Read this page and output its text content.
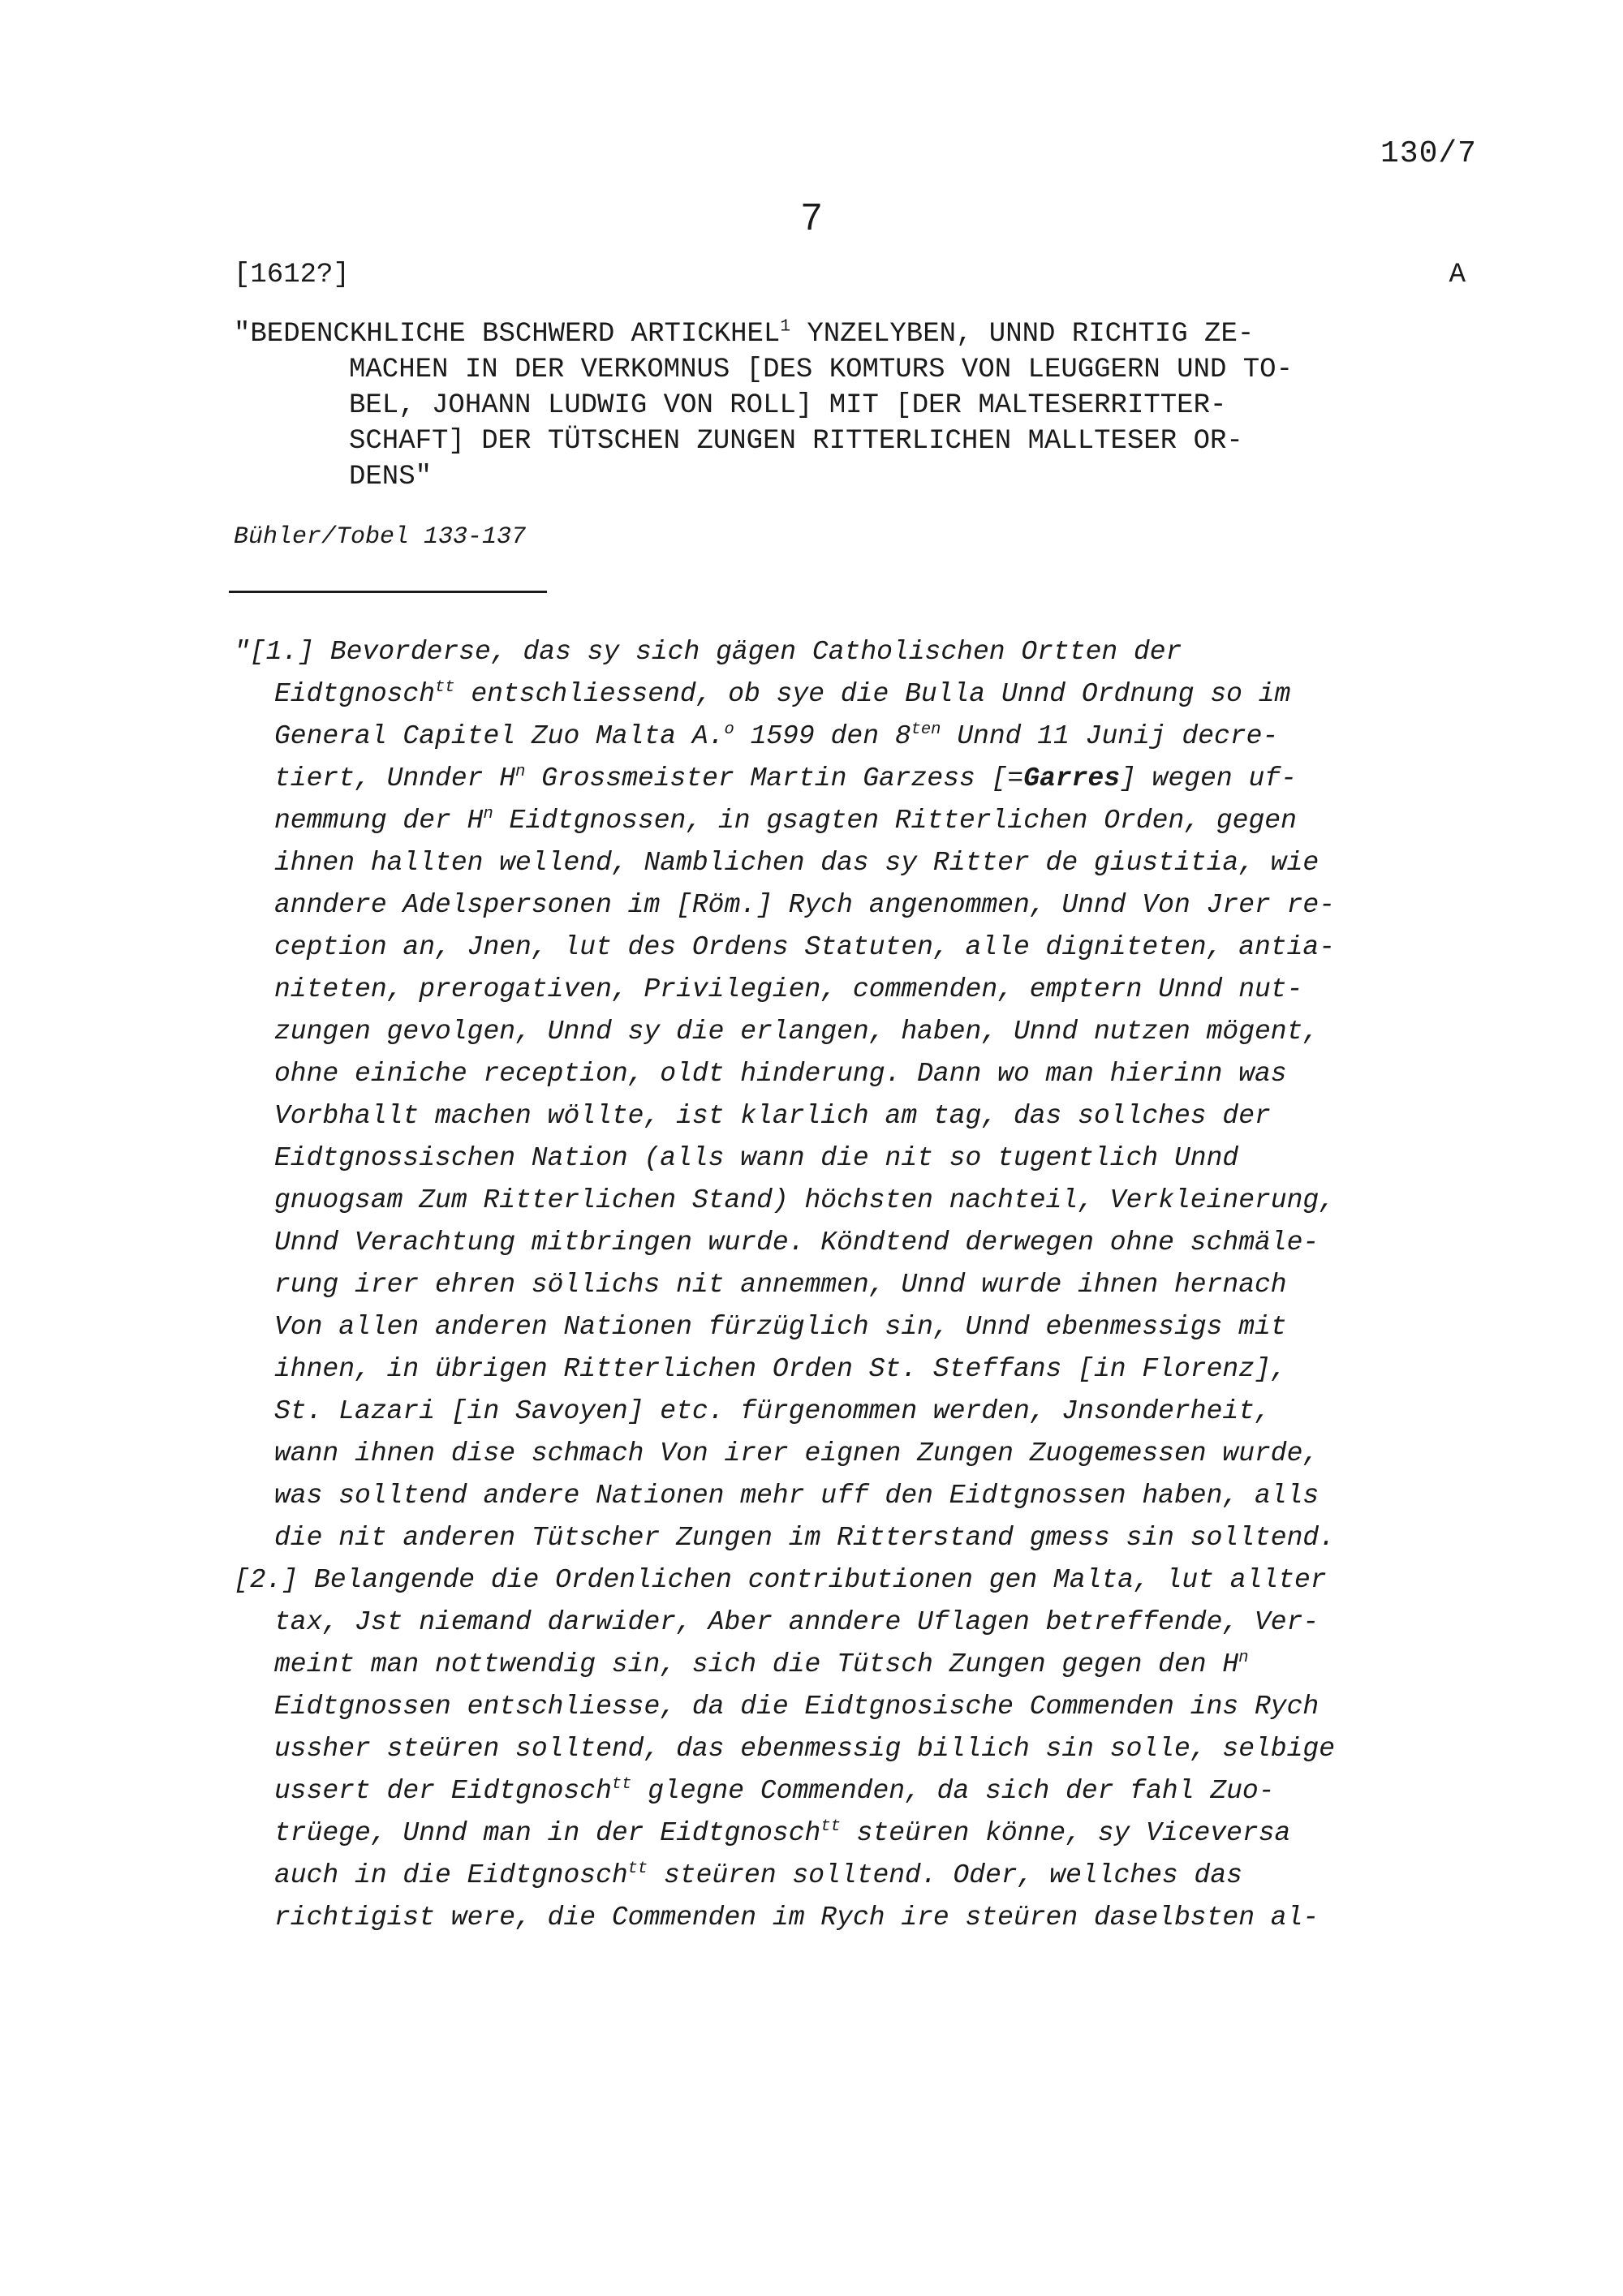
130/7
7
[1612?]	A
"BEDENCKHLICHE BSCHWERD ARTICKHEL$^1$ YNZELYBEN, UNND RICHTIG ZE-
MACHEN IN DER VERKOMNUS [DES KOMTURS VON LEUGGERN UND TO-
BEL, JOHANN LUDWIG VON ROLL] MIT [DER MALTESERRITTER-
SCHAFT] DER TÜTSCHEN ZUNGEN RITTERLICHEN MALLTESER OR-
DENS"
Bühler/Tobel 133-137
"[1.] Bevorderse, das sy sich gägen Catholischen Ortten der
Eidtgnosch$^{tt}$ entschliessend, ob sye die Bulla Unnd Ordnung so im
General Capitel Zuo Malta A.$^o$ 1599 den $8^{ten}$ Unnd 11 Junij decre-
tiert, Unnder $H^n$ Grossmeister Martin Garzess [=Garres] wegen uf-
nemmung der $H^n$ Eidtgnossen, in gsagten Ritterlichen Orden, gegen
ihnen hallten wellend, Namblichen das sy Ritter de giustitia, wie
anndere Adelspersonen im [Röm.] Rych angenommen, Unnd Von Jrer re-
ception an, Jnen, lut des Ordens Statuten, alle digniteten, antia-
niteten, prerogativen, Privilegien, commenden, emptern Unnd nut-
zungen gevolgen, Unnd sy die erlangen, haben, Unnd nutzen mögent,
ohne einiche reception, oldt hinderung. Dann wo man hierinn was
Vorbhallt machen wöllte, ist klarlich am tag, das sollches der
Eidtgnossischen Nation (alls wann die nit so tugentlich Unnd
gnuogsam Zum Ritterlichen Stand) höchsten nachteil, Verkleinerung,
Unnd Verachtung mitbringen wurde. Köndtend derwegen ohne schmäle-
rung irer ehren söllichs nit annemmen, Unnd wurde ihnen hernach
Von allen anderen Nationen fürzüglich sin, Unnd ebenmessigs mit
ihnen, in übrigen Ritterlichen Orden St. Steffans [in Florenz],
St. Lazari [in Savoyen] etc. fürgenommen werden, Jnsonderheit,
wann ihnen dise schmach Von irer eignen Zungen Zuogemessen wurde,
was solltend andere Nationen mehr uff den Eidtgnossen haben, alls
die nit anderen Tütscher Zungen im Ritterstand gmess sin solltend.
[2.] Belangende die Ordenlichen contributionen gen Malta, lut allter
tax, Jst niemand darwider, Aber anndere Uflagen betreffende, Ver-
meint man nottwendig sin, sich die Tütsch Zungen gegen den $H^n$
Eidtgnossen entschliesse, da die Eidtgnosische Commenden ins Rych
ussher steüren solltend, das ebenmessig billich sin solle, selbige
ussert der Eidtgnosch$^{tt}$ glegne Commenden, da sich der fahl Zuo-
trüege, Unnd man in der Eidtgnosch$^{tt}$ steüren könne, sy Viceversa
auch in die Eidtgnosch$^{tt}$ steüren solltend. Oder, wellches das
richtigist were, die Commenden im Rych ire steüren daselbsten al-
